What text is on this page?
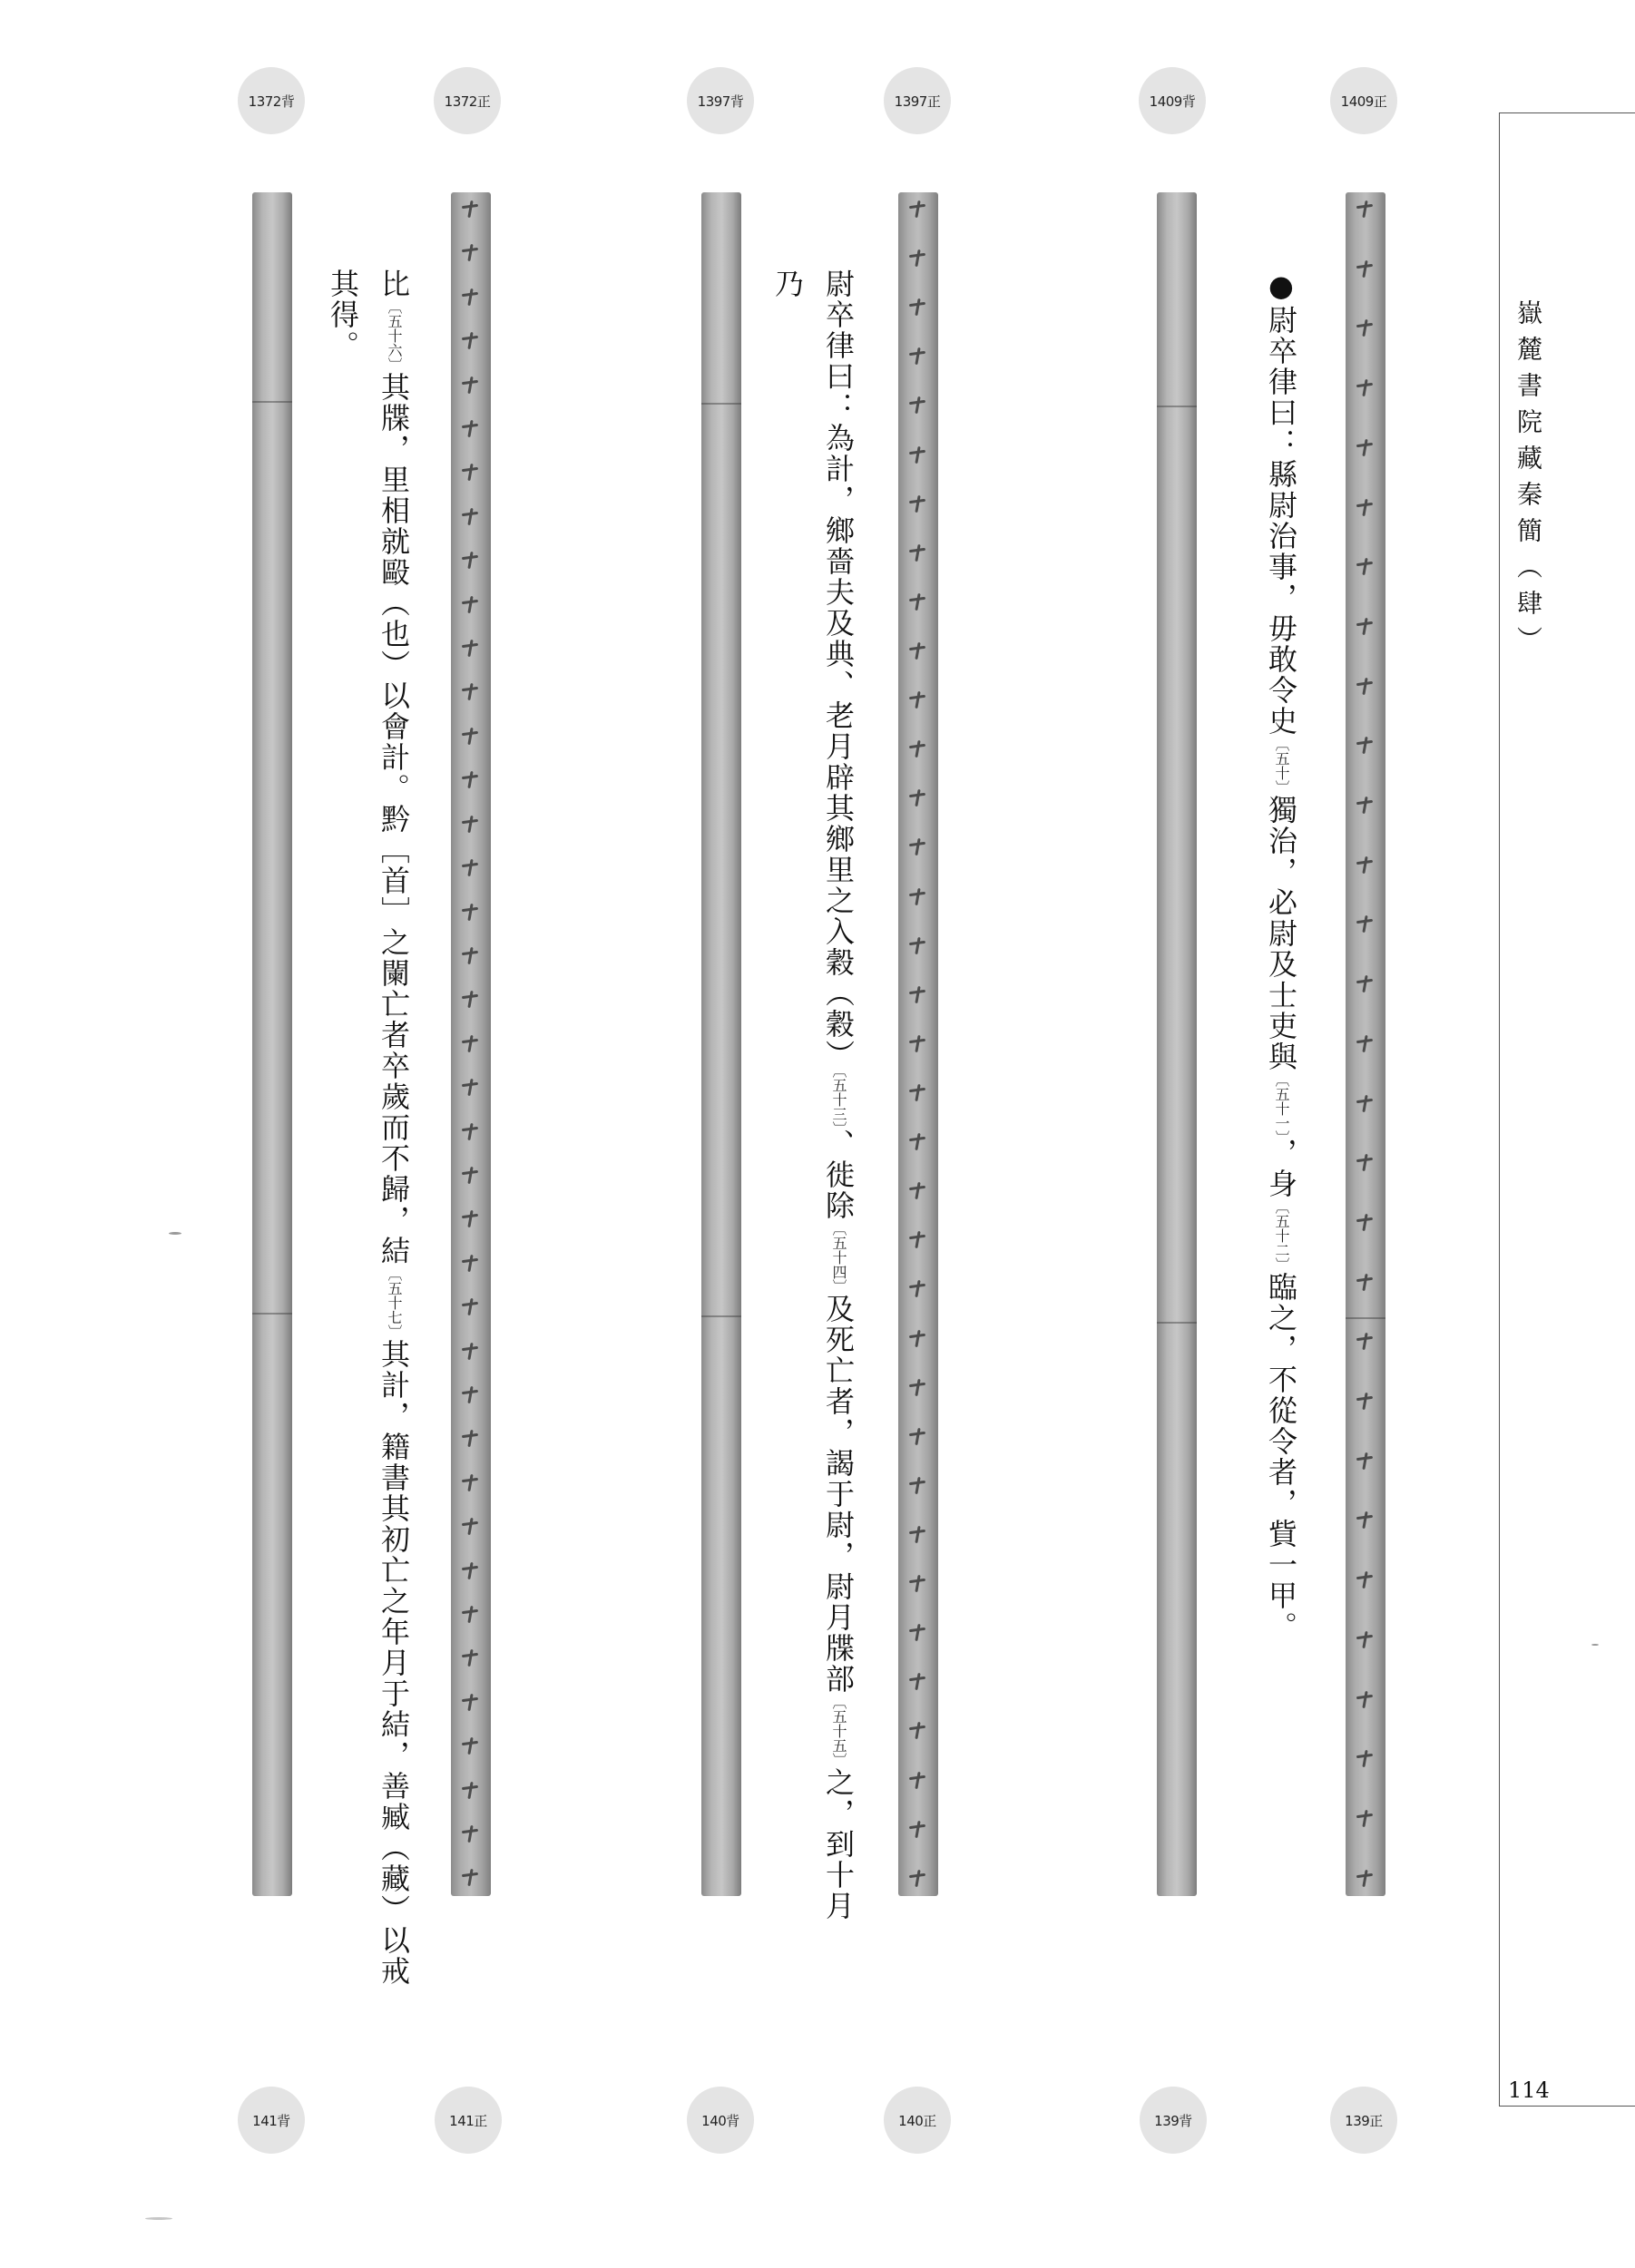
1372背	1372正	1397背	1397正	1409背	1409正
●尉卒律曰：縣尉治事，毋敢令史〔五十〕獨治，必尉及士吏與〔五十一〕，身〔五十二〕臨之，不從令者，貲一甲。
尉卒律曰：為計，鄉嗇夫及典、老月辟其鄉里之入穀（穀）〔五十三〕、徙除〔五十四〕及死亡者，謁于尉，尉月牒部〔五十五〕之，到十月
乃
比〔五十六〕其牒，里相就毆（也）以會計。黔［首］之闌亡者卒歲而不歸，結〔五十七〕其計，籍書其初亡之年月于結，善臧（藏）以戒
其得。
141背	141正	140背	140正	139背	139正
嶽麓書院藏秦簡（肆）
114
